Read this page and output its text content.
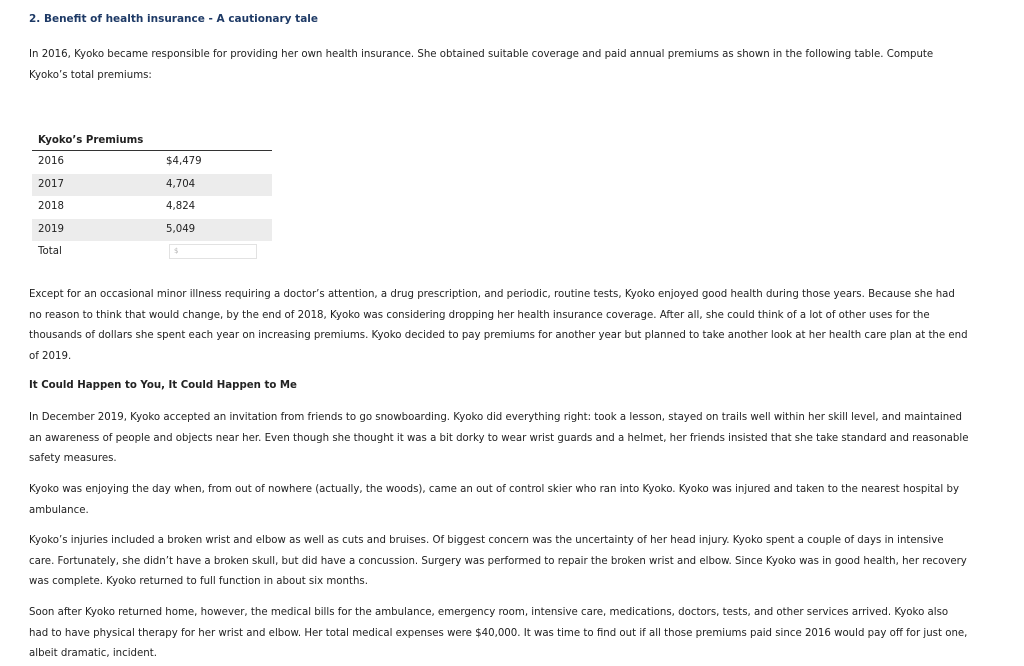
2. Benefit of health insurance - A cautionary tale

In 2016, Kyoko became responsible for providing her own health insurance. She obtained suitable coverage and paid annual premiums as shown in the following table. Compute Kyoko’s total premiums:

Kyoko’s Premiums
2016	$4,479
2017	4,704
2018	4,824
2019	5,049
Total	$

Except for an occasional minor illness requiring a doctor’s attention, a drug prescription, and periodic, routine tests, Kyoko enjoyed good health during those years. Because she had no reason to think that would change, by the end of 2018, Kyoko was considering dropping her health insurance coverage. After all, she could think of a lot of other uses for the thousands of dollars she spent each year on increasing premiums. Kyoko decided to pay premiums for another year but planned to take another look at her health care plan at the end of 2019.

It Could Happen to You, It Could Happen to Me

In December 2019, Kyoko accepted an invitation from friends to go snowboarding. Kyoko did everything right: took a lesson, stayed on trails well within her skill level, and maintained an awareness of people and objects near her. Even though she thought it was a bit dorky to wear wrist guards and a helmet, her friends insisted that she take standard and reasonable safety measures.

Kyoko was enjoying the day when, from out of nowhere (actually, the woods), came an out of control skier who ran into Kyoko. Kyoko was injured and taken to the nearest hospital by ambulance.

Kyoko’s injuries included a broken wrist and elbow as well as cuts and bruises. Of biggest concern was the uncertainty of her head injury. Kyoko spent a couple of days in intensive care. Fortunately, she didn’t have a broken skull, but did have a concussion. Surgery was performed to repair the broken wrist and elbow. Since Kyoko was in good health, her recovery was complete. Kyoko returned to full function in about six months.

Soon after Kyoko returned home, however, the medical bills for the ambulance, emergency room, intensive care, medications, doctors, tests, and other services arrived. Kyoko also had to have physical therapy for her wrist and elbow. Her total medical expenses were $40,000. It was time to find out if all those premiums paid since 2016 would pay off for just one, albeit dramatic, incident.
